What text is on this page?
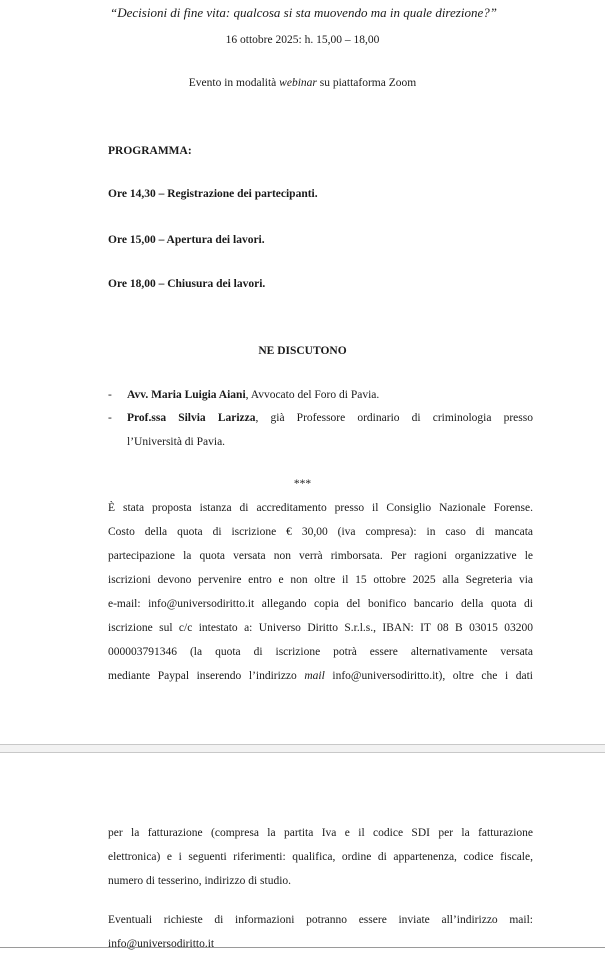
“Decisioni di fine vita: qualcosa si sta muovendo ma in quale direzione?”
16 ottobre 2025: h. 15,00 – 18,00
Evento in modalità webinar su piattaforma Zoom
PROGRAMMA:
Ore 14,30 – Registrazione dei partecipanti.
Ore 15,00 – Apertura dei lavori.
Ore 18,00 – Chiusura dei lavori.
NE DISCUTONO
- Avv. Maria Luigia Aiani, Avvocato del Foro di Pavia.
- Prof.ssa Silvia Larizza, già Professore ordinario di criminologia presso
l’Università di Pavia.
***
È stata proposta istanza di accreditamento presso il Consiglio Nazionale Forense.
Costo della quota di iscrizione € 30,00 (iva compresa): in caso di mancata
partecipazione la quota versata non verrà rimborsata. Per ragioni organizzative le
iscrizioni devono pervenire entro e non oltre il 15 ottobre 2025 alla Segreteria via
e-mail: info@universodiritto.it allegando copia del bonifico bancario della quota di
iscrizione sul c/c intestato a: Universo Diritto S.r.l.s., IBAN: IT 08 B 03015 03200
000003791346 (la quota di iscrizione potrà essere alternativamente versata
mediante Paypal inserendo l’indirizzo mail info@universodiritto.it), oltre che i dati
per la fatturazione (compresa la partita Iva e il codice SDI per la fatturazione
elettronica) e i seguenti riferimenti: qualifica, ordine di appartenenza, codice fiscale,
numero di tesserino, indirizzo di studio.
Eventuali richieste di informazioni potranno essere inviate all’indirizzo mail:
info@universodiritto.it
